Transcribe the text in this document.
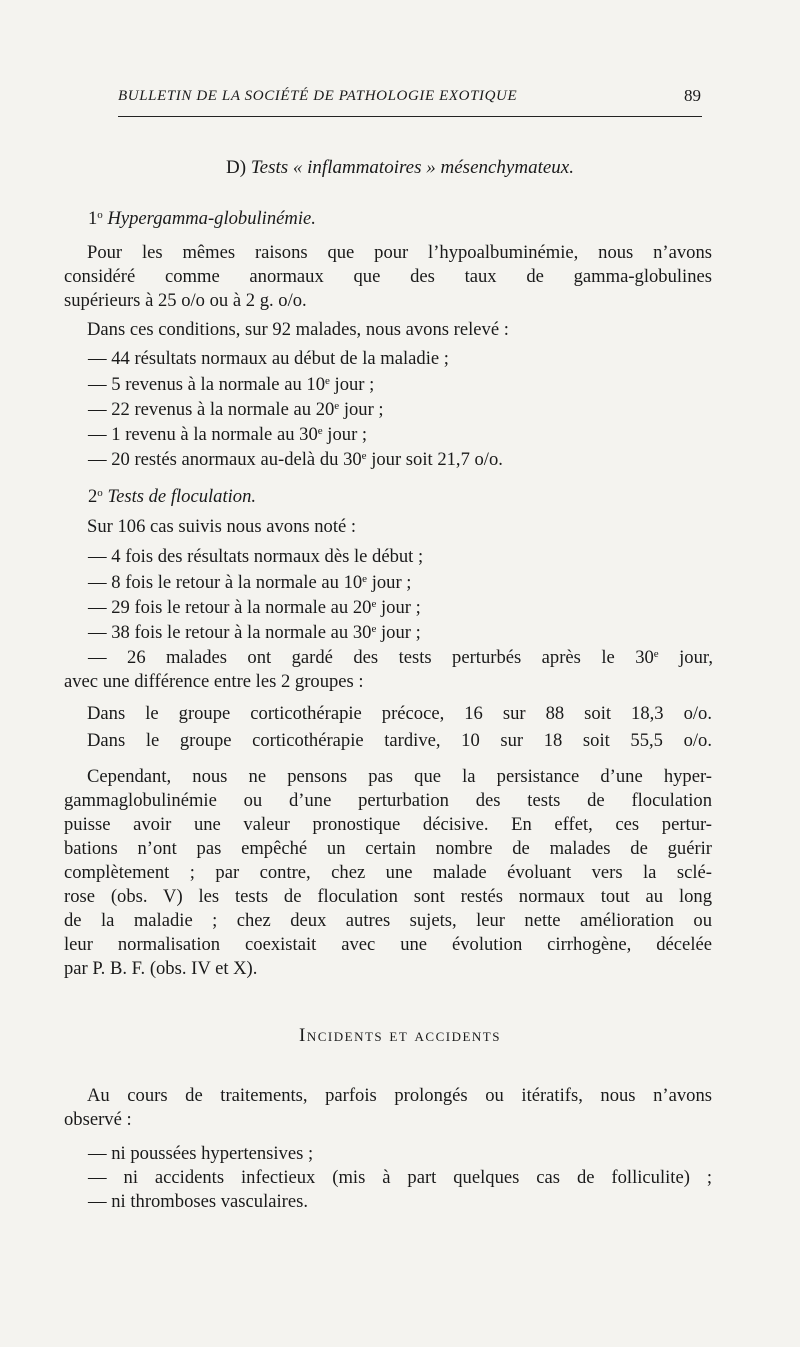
BULLETIN DE LA SOCIÉTÉ DE PATHOLOGIE EXOTIQUE	89
D) Tests « inflammatoires » mésenchymateux.
1$^o$ Hypergamma-globulinémie.
Pour les mêmes raisons que pour l’hypoalbuminémie, nous n’avons
considéré comme anormaux que des taux de gamma-globulines
supérieurs à 25 o/o ou à 2 g. o/o.
Dans ces conditions, sur 92 malades, nous avons relevé :
— 44 résultats normaux au début de la maladie ;
— 5 revenus à la normale au 10e jour ;
— 22 revenus à la normale au 20e jour ;
— 1 revenu à la normale au 30e jour ;
— 20 restés anormaux au-delà du 30e jour soit 21,7 o/o.
2$^o$ Tests de floculation.
Sur 106 cas suivis nous avons noté :
— 4 fois des résultats normaux dès le début ;
— 8 fois le retour à la normale au 10e jour ;
— 29 fois le retour à la normale au 20e jour ;
— 38 fois le retour à la normale au 30e jour ;
— 26 malades ont gardé des tests perturbés après le 30e jour,
avec une différence entre les 2 groupes :
Dans le groupe corticothérapie précoce, 16 sur 88 soit 18,3 o/o.
Dans le groupe corticothérapie tardive, 10 sur 18 soit 55,5 o/o.
Cependant, nous ne pensons pas que la persistance d’une hyper-
gammaglobulinémie ou d’une perturbation des tests de floculation
puisse avoir une valeur pronostique décisive. En effet, ces pertur-
bations n’ont pas empêché un certain nombre de malades de guérir
complètement ; par contre, chez une malade évoluant vers la sclé-
rose (obs. V) les tests de floculation sont restés normaux tout au long
de la maladie ; chez deux autres sujets, leur nette amélioration ou
leur normalisation coexistait avec une évolution cirrhogène, décelée
par P. B. F. (obs. IV et X).
Incidents et accidents
Au cours de traitements, parfois prolongés ou itératifs, nous n’avons
observé :
— ni poussées hypertensives ;
— ni accidents infectieux (mis à part quelques cas de folliculite) ;
— ni thromboses vasculaires.
